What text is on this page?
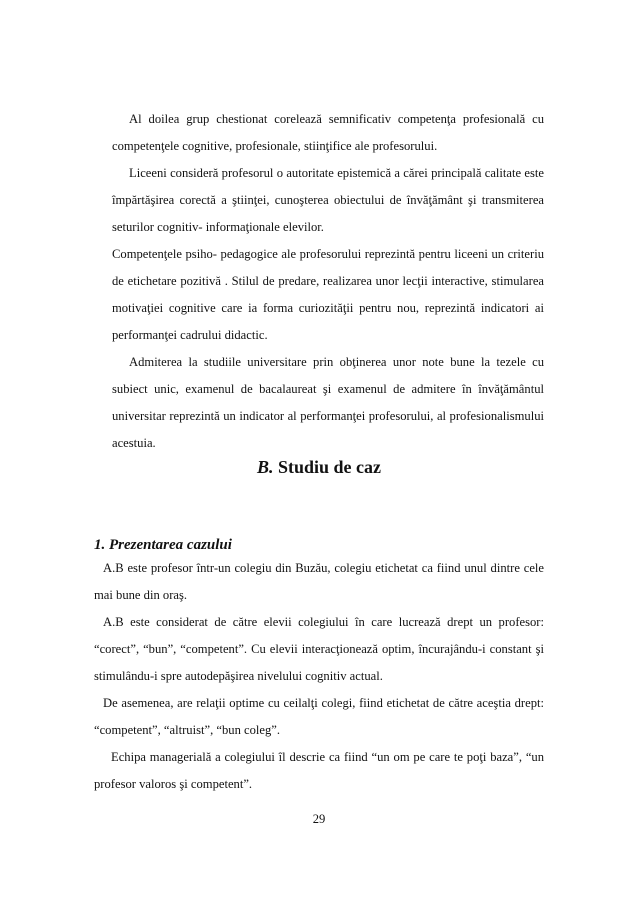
Al doilea grup chestionat corelează semnificativ competenţa profesională cu competenţele cognitive, profesionale, stiinţifice ale profesorului.

Liceeni consideră profesorul o autoritate epistemică a cărei principală calitate este împărtăşirea corectă a ştiinţei, cunoşterea obiectului de învăţământ şi transmiterea seturilor cognitiv- informaţionale elevilor.

Competenţele psiho- pedagogice ale profesorului reprezintă pentru liceeni un criteriu de etichetare pozitivă . Stilul de predare, realizarea unor lecţii interactive, stimularea motivaţiei cognitive care ia forma curiozităţii pentru nou, reprezintă indicatori ai performanţei cadrului didactic.

Admiterea la studiile universitare prin obţinerea unor note bune la tezele cu subiect unic, examenul de bacalaureat şi examenul de admitere în învăţământul universitar reprezintă un indicator al performanţei profesorului, al profesionalismului acestuia.

B. Studiu de caz
1. Prezentarea cazului

A.B este profesor într-un colegiu din Buzău, colegiu etichetat ca fiind unul dintre cele mai bune din oraş.

A.B este considerat de către elevii colegiului în care lucrează drept un profesor: “corect”, “bun”, “competent”. Cu elevii interacţionează optim, încurajându-i constant şi stimulându-i spre autodepăşirea nivelului cognitiv actual.

De asemenea, are relaţii optime cu ceilalţi colegi, fiind etichetat de către aceştia drept: “competent”, “altruist”, “bun coleg”.

Echipa managerială a colegiului îl descrie ca fiind “un om pe care te poţi baza”, “un profesor valoros şi competent”.

29
